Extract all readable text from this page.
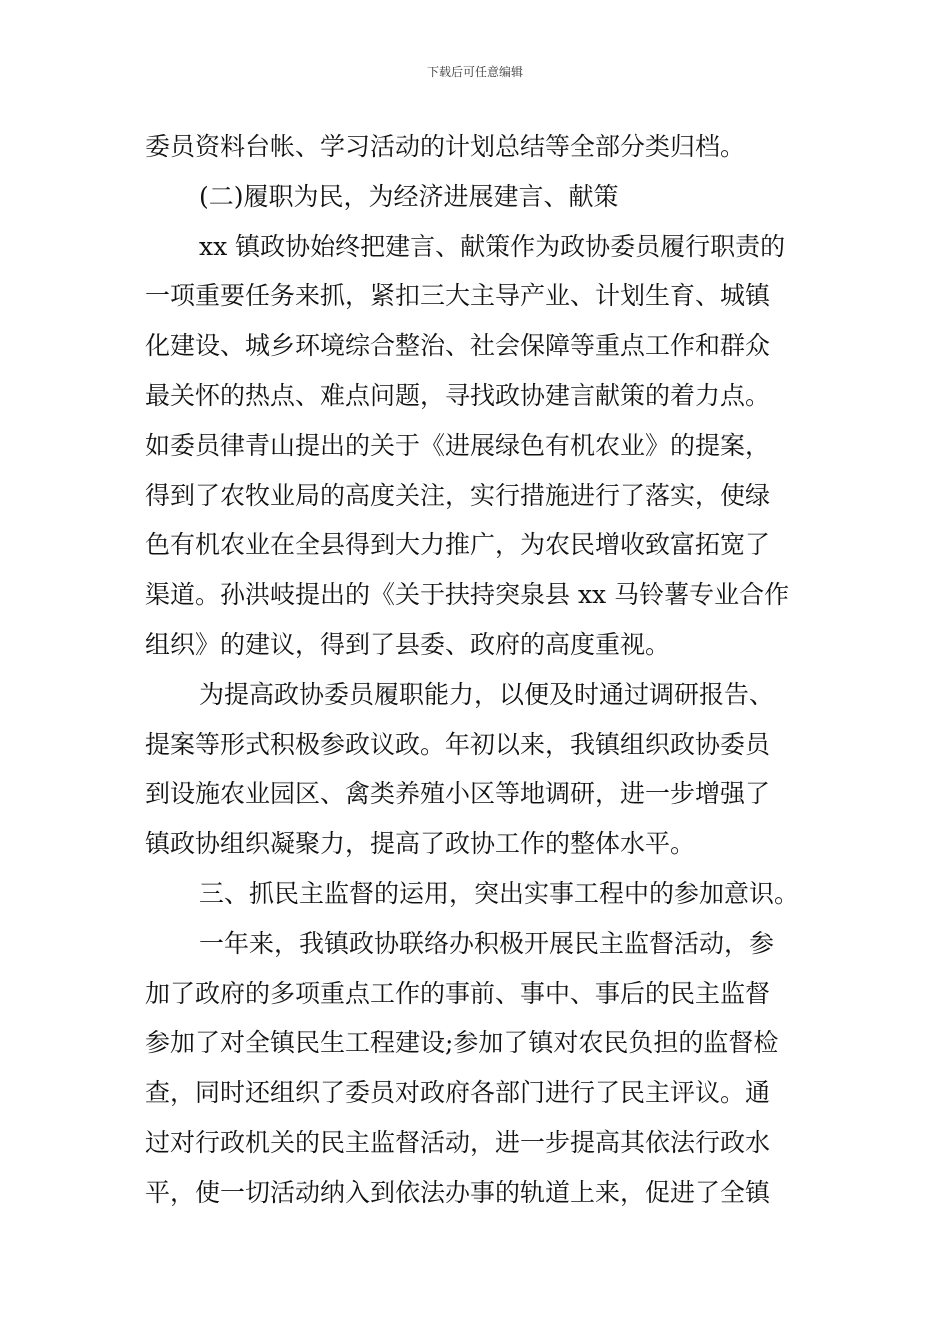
下载后可任意编辑
委员资料台帐、学习活动的计划总结等全部分类归档。
(二)履职为民，为经济进展建言、献策
xx 镇政协始终把建言、献策作为政协委员履行职责的
一项重要任务来抓，紧扣三大主导产业、计划生育、城镇
化建设、城乡环境综合整治、社会保障等重点工作和群众
最关怀的热点、难点问题，寻找政协建言献策的着力点。
如委员律青山提出的关于《进展绿色有机农业》的提案，
得到了农牧业局的高度关注，实行措施进行了落实，使绿
色有机农业在全县得到大力推广，为农民增收致富拓宽了
渠道。孙洪岐提出的《关于扶持突泉县 xx 马铃薯专业合作
组织》的建议，得到了县委、政府的高度重视。
为提高政协委员履职能力，以便及时通过调研报告、
提案等形式积极参政议政。年初以来，我镇组织政协委员
到设施农业园区、禽类养殖小区等地调研，进一步增强了
镇政协组织凝聚力，提高了政协工作的整体水平。
三、抓民主监督的运用，突出实事工程中的参加意识。
一年来，我镇政协联络办积极开展民主监督活动，参
加了政府的多项重点工作的事前、事中、事后的民主监督
参加了对全镇民生工程建设;参加了镇对农民负担的监督检
查，同时还组织了委员对政府各部门进行了民主评议。通
过对行政机关的民主监督活动，进一步提高其依法行政水
平，使一切活动纳入到依法办事的轨道上来，促进了全镇
